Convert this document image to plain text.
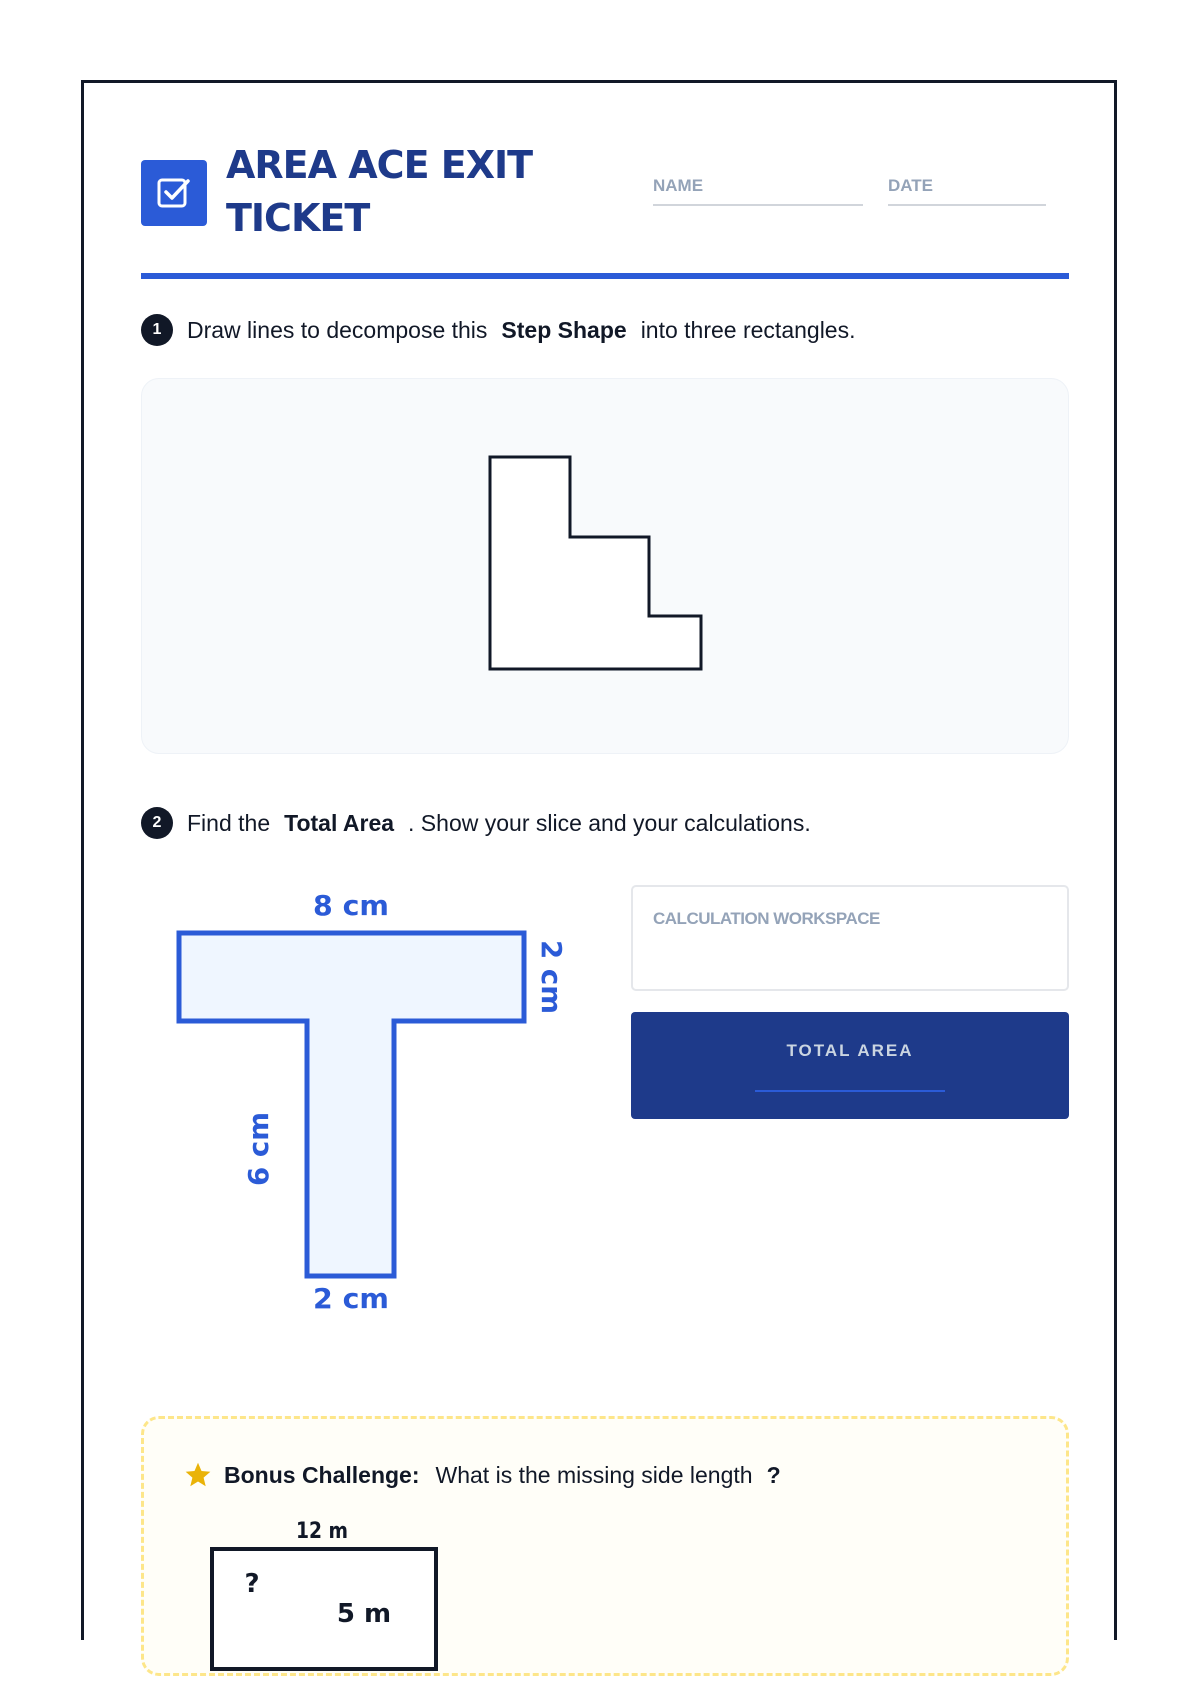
AREA ACE EXIT TICKET
NAME	DATE
1	Draw lines to decompose this Step Shape into three rectangles.
2	Find the Total Area . Show your slice and your calculations.
8 cm
2 cm
6 cm
2 cm
CALCULATION WORKSPACE
TOTAL AREA
Bonus Challenge: What is the missing side length ?
12 m
?
5 m
